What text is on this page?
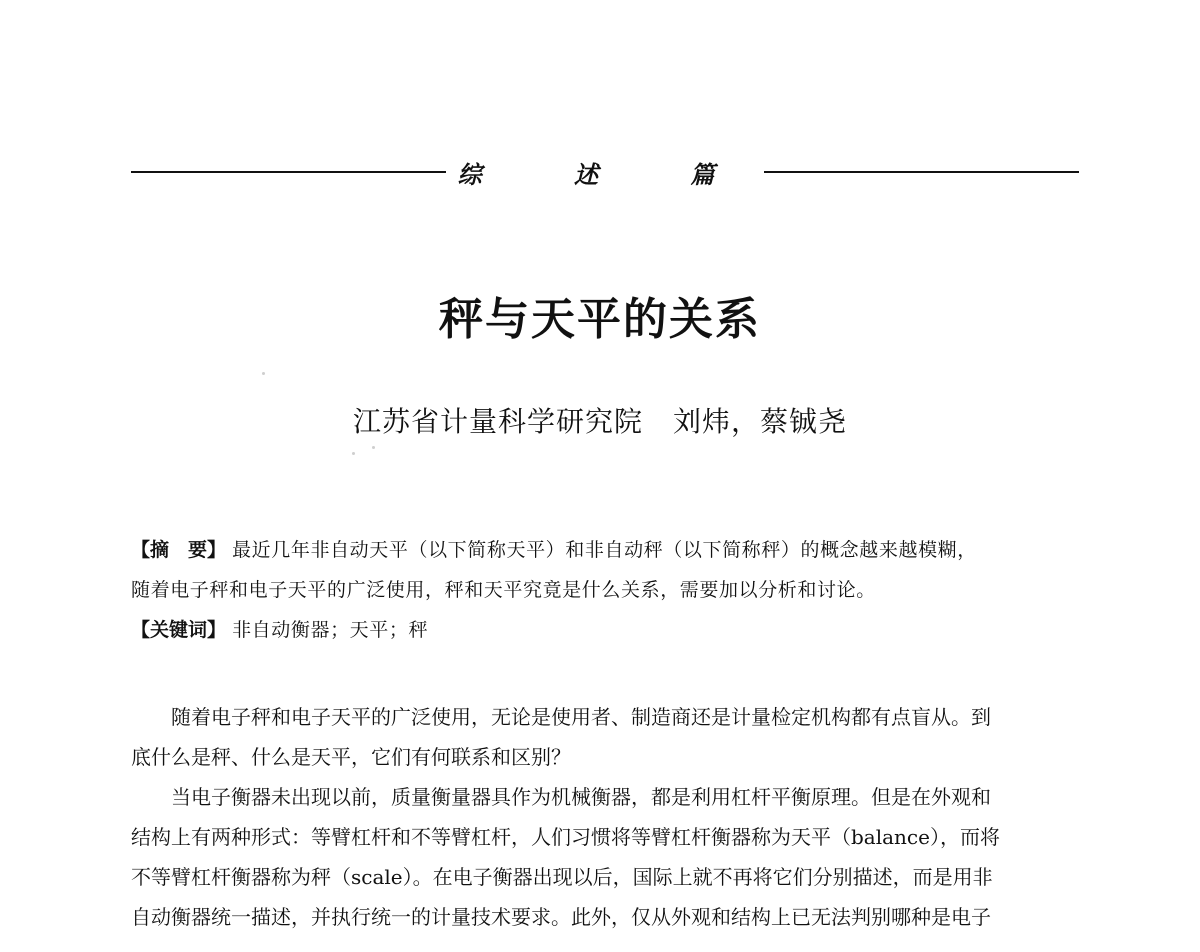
综 述 篇
秤与天平的关系
江苏省计量科学研究院 刘炜，蔡铖尧
【摘　要】 最近几年非自动天平（以下简称天平）和非自动秤（以下简称秤）的概念越来越模糊，
随着电子秤和电子天平的广泛使用，秤和天平究竟是什么关系，需要加以分析和讨论。
【关键词】 非自动衡器；天平；秤
随着电子秤和电子天平的广泛使用，无论是使用者、制造商还是计量检定机构都有点盲从。到
底什么是秤、什么是天平，它们有何联系和区别？
当电子衡器未出现以前，质量衡量器具作为机械衡器，都是利用杠杆平衡原理。但是在外观和
结构上有两种形式：等臂杠杆和不等臂杠杆，人们习惯将等臂杠杆衡器称为天平（balance），而将
不等臂杠杆衡器称为秤（scale）。在电子衡器出现以后，国际上就不再将它们分别描述，而是用非
自动衡器统一描述，并执行统一的计量技术要求。此外，仅从外观和结构上已无法判别哪种是电子
